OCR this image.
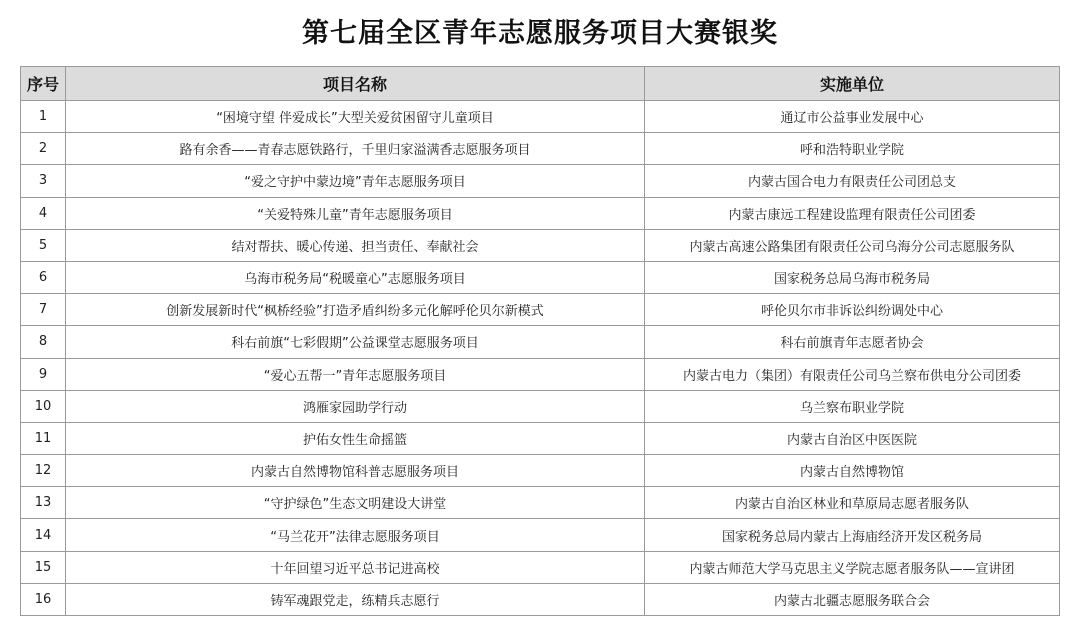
第七届全区青年志愿服务项目大赛银奖
序号	项目名称	实施单位
1	“困境守望 伴爱成长”大型关爱贫困留守儿童项目	通辽市公益事业发展中心
2	路有余香——青春志愿铁路行，千里归家溢满香志愿服务项目	呼和浩特职业学院
3	“爱之守护中蒙边境”青年志愿服务项目	内蒙古国合电力有限责任公司团总支
4	“关爱特殊儿童”青年志愿服务项目	内蒙古康远工程建设监理有限责任公司团委
5	结对帮扶、暖心传递、担当责任、奉献社会	内蒙古高速公路集团有限责任公司乌海分公司志愿服务队
6	乌海市税务局“税暖童心”志愿服务项目	国家税务总局乌海市税务局
7	创新发展新时代“枫桥经验”打造矛盾纠纷多元化解呼伦贝尔新模式	呼伦贝尔市非诉讼纠纷调处中心
8	科右前旗“七彩假期”公益课堂志愿服务项目	科右前旗青年志愿者协会
9	“爱心五帮一”青年志愿服务项目	内蒙古电力（集团）有限责任公司乌兰察布供电分公司团委
10	鸿雁家园助学行动	乌兰察布职业学院
11	护佑女性生命摇篮	内蒙古自治区中医医院
12	内蒙古自然博物馆科普志愿服务项目	内蒙古自然博物馆
13	“守护绿色”生态文明建设大讲堂	内蒙古自治区林业和草原局志愿者服务队
14	“马兰花开”法律志愿服务项目	国家税务总局内蒙古上海庙经济开发区税务局
15	十年回望习近平总书记进高校	内蒙古师范大学马克思主义学院志愿者服务队——宣讲团
16	铸军魂跟党走，练精兵志愿行	内蒙古北疆志愿服务联合会
